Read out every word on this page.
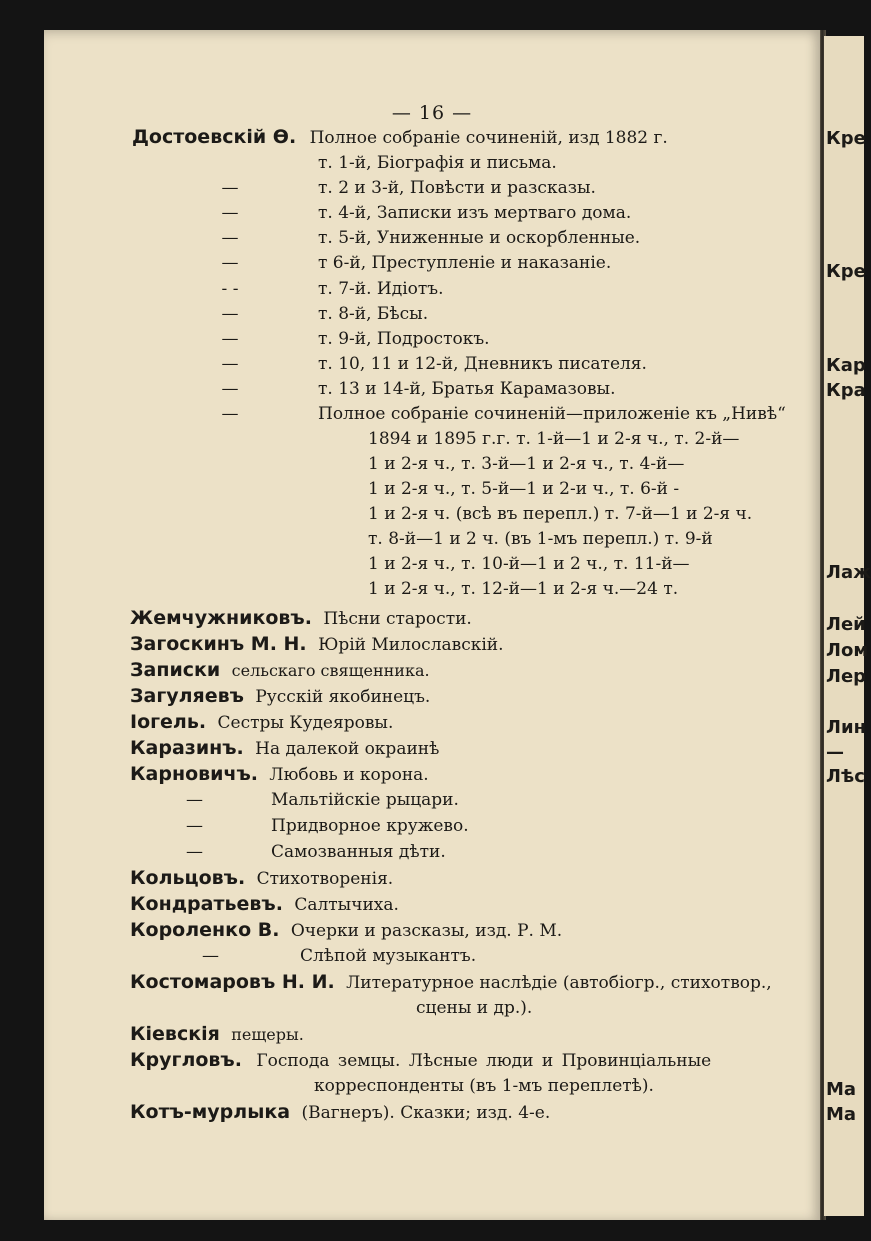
Кре
Кре
Кар
Кра
Лаж
Лей
Лом
Лер
Лин
—
Лѣс
Ма
Ма
— 16 —
Достоевскій Ѳ. Полное собраніе сочиненій, изд 1882 г.
т. 1-й, Біографія и письма.
—	т. 2 и 3-й, Повѣсти и разсказы.
—	т. 4-й, Записки изъ мертваго дома.
—	т. 5-й, Униженные и оскорбленные.
—	т 6-й, Преступленіе и наказаніе.
- -	т. 7-й. Идіотъ.
—	т. 8-й, Бѣсы.
—	т. 9-й, Подростокъ.
—	т. 10, 11 и 12-й, Дневникъ писателя.
—	т. 13 и 14-й, Братья Карамазовы.
—	Полное собраніе сочиненій—приложеніе къ „Нивѣ“
1894 и 1895 г.г. т. 1-й—1 и 2-я ч., т. 2-й—
1 и 2-я ч., т. 3-й—1 и 2-я ч., т. 4-й—
1 и 2-я ч., т. 5-й—1 и 2-и ч., т. 6-й -
1 и 2-я ч. (всѣ въ перепл.) т. 7-й—1 и 2-я ч.
т. 8-й—1 и 2 ч. (въ 1-мъ перепл.) т. 9-й
1 и 2-я ч., т. 10-й—1 и 2 ч., т. 11-й—
1 и 2-я ч., т. 12-й—1 и 2-я ч.—24 т.
Жемчужниковъ. Пѣсни старости.
Загоскинъ М. Н. Юрій Милославскій.
Записки сельскаго священника.
Загуляевъ Русскій якобинецъ.
Іогель. Сестры Кудеяровы.
Каразинъ. На далекой окраинѣ
Карновичъ. Любовь и корона.
—	Мальтійскіе рыцари.
—	Придворное кружево.
—	Самозванныя дѣти.
Кольцовъ. Стихотворенія.
Кондратьевъ. Салтычиха.
Короленко В. Очерки и разсказы, изд. Р. М.
—	Слѣпой музыкантъ.
Костомаровъ Н. И. Литературное наслѣдіе (автобіогр., стихотвор.,
сцены и др.).
Кіевскія пещеры.
Кругловъ. Господа земцы. Лѣсные люди и Провинціальные
корреспонденты (въ 1-мъ переплетѣ).
Котъ-мурлыка (Вагнеръ). Сказки; изд. 4-е.
